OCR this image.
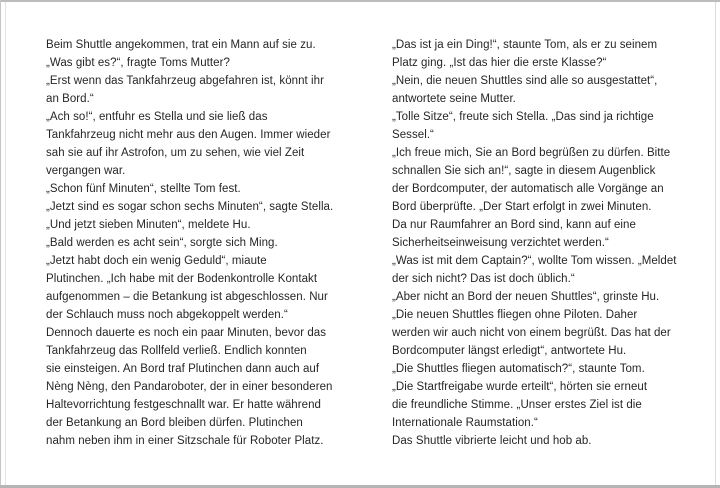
Beim Shuttle angekommen, trat ein Mann auf sie zu.
„Was gibt es?“, fragte Toms Mutter?
„Erst wenn das Tankfahrzeug abgefahren ist, könnt ihr
an Bord.“
„Ach so!“, entfuhr es Stella und sie ließ das
Tankfahrzeug nicht mehr aus den Augen. Immer wieder
sah sie auf ihr Astrofon, um zu sehen, wie viel Zeit
vergangen war.
„Schon fünf Minuten“, stellte Tom fest.
„Jetzt sind es sogar schon sechs Minuten“, sagte Stella.
„Und jetzt sieben Minuten“, meldete Hu.
„Bald werden es acht sein“, sorgte sich Ming.
„Jetzt habt doch ein wenig Geduld“, miaute
Plutinchen. „Ich habe mit der Bodenkontrolle Kontakt
aufgenommen – die Betankung ist abgeschlossen. Nur
der Schlauch muss noch abgekoppelt werden.“
Dennoch dauerte es noch ein paar Minuten, bevor das
Tankfahrzeug das Rollfeld verließ. Endlich konnten
sie einsteigen. An Bord traf Plutinchen dann auch auf
Nèng Nèng, den Pandaroboter, der in einer besonderen
Haltevorrichtung festgeschnallt war. Er hatte während
der Betankung an Bord bleiben dürfen. Plutinchen
nahm neben ihm in einer Sitzschale für Roboter Platz.
„Das ist ja ein Ding!“, staunte Tom, als er zu seinem
Platz ging. „Ist das hier die erste Klasse?“
„Nein, die neuen Shuttles sind alle so ausgestattet“,
antwortete seine Mutter.
„Tolle Sitze“, freute sich Stella. „Das sind ja richtige
Sessel.“
„Ich freue mich, Sie an Bord begrüßen zu dürfen. Bitte
schnallen Sie sich an!“, sagte in diesem Augenblick
der Bordcomputer, der automatisch alle Vorgänge an
Bord überprüfte. „Der Start erfolgt in zwei Minuten.
Da nur Raumfahrer an Bord sind, kann auf eine
Sicherheitseinweisung verzichtet werden.“
„Was ist mit dem Captain?“, wollte Tom wissen. „Meldet
der sich nicht? Das ist doch üblich.“
„Aber nicht an Bord der neuen Shuttles“, grinste Hu.
„Die neuen Shuttles fliegen ohne Piloten. Daher
werden wir auch nicht von einem begrüßt. Das hat der
Bordcomputer längst erledigt“, antwortete Hu.
„Die Shuttles fliegen automatisch?“, staunte Tom.
„Die Startfreigabe wurde erteilt“, hörten sie erneut
die freundliche Stimme. „Unser erstes Ziel ist die
Internationale Raumstation.“
Das Shuttle vibrierte leicht und hob ab.
